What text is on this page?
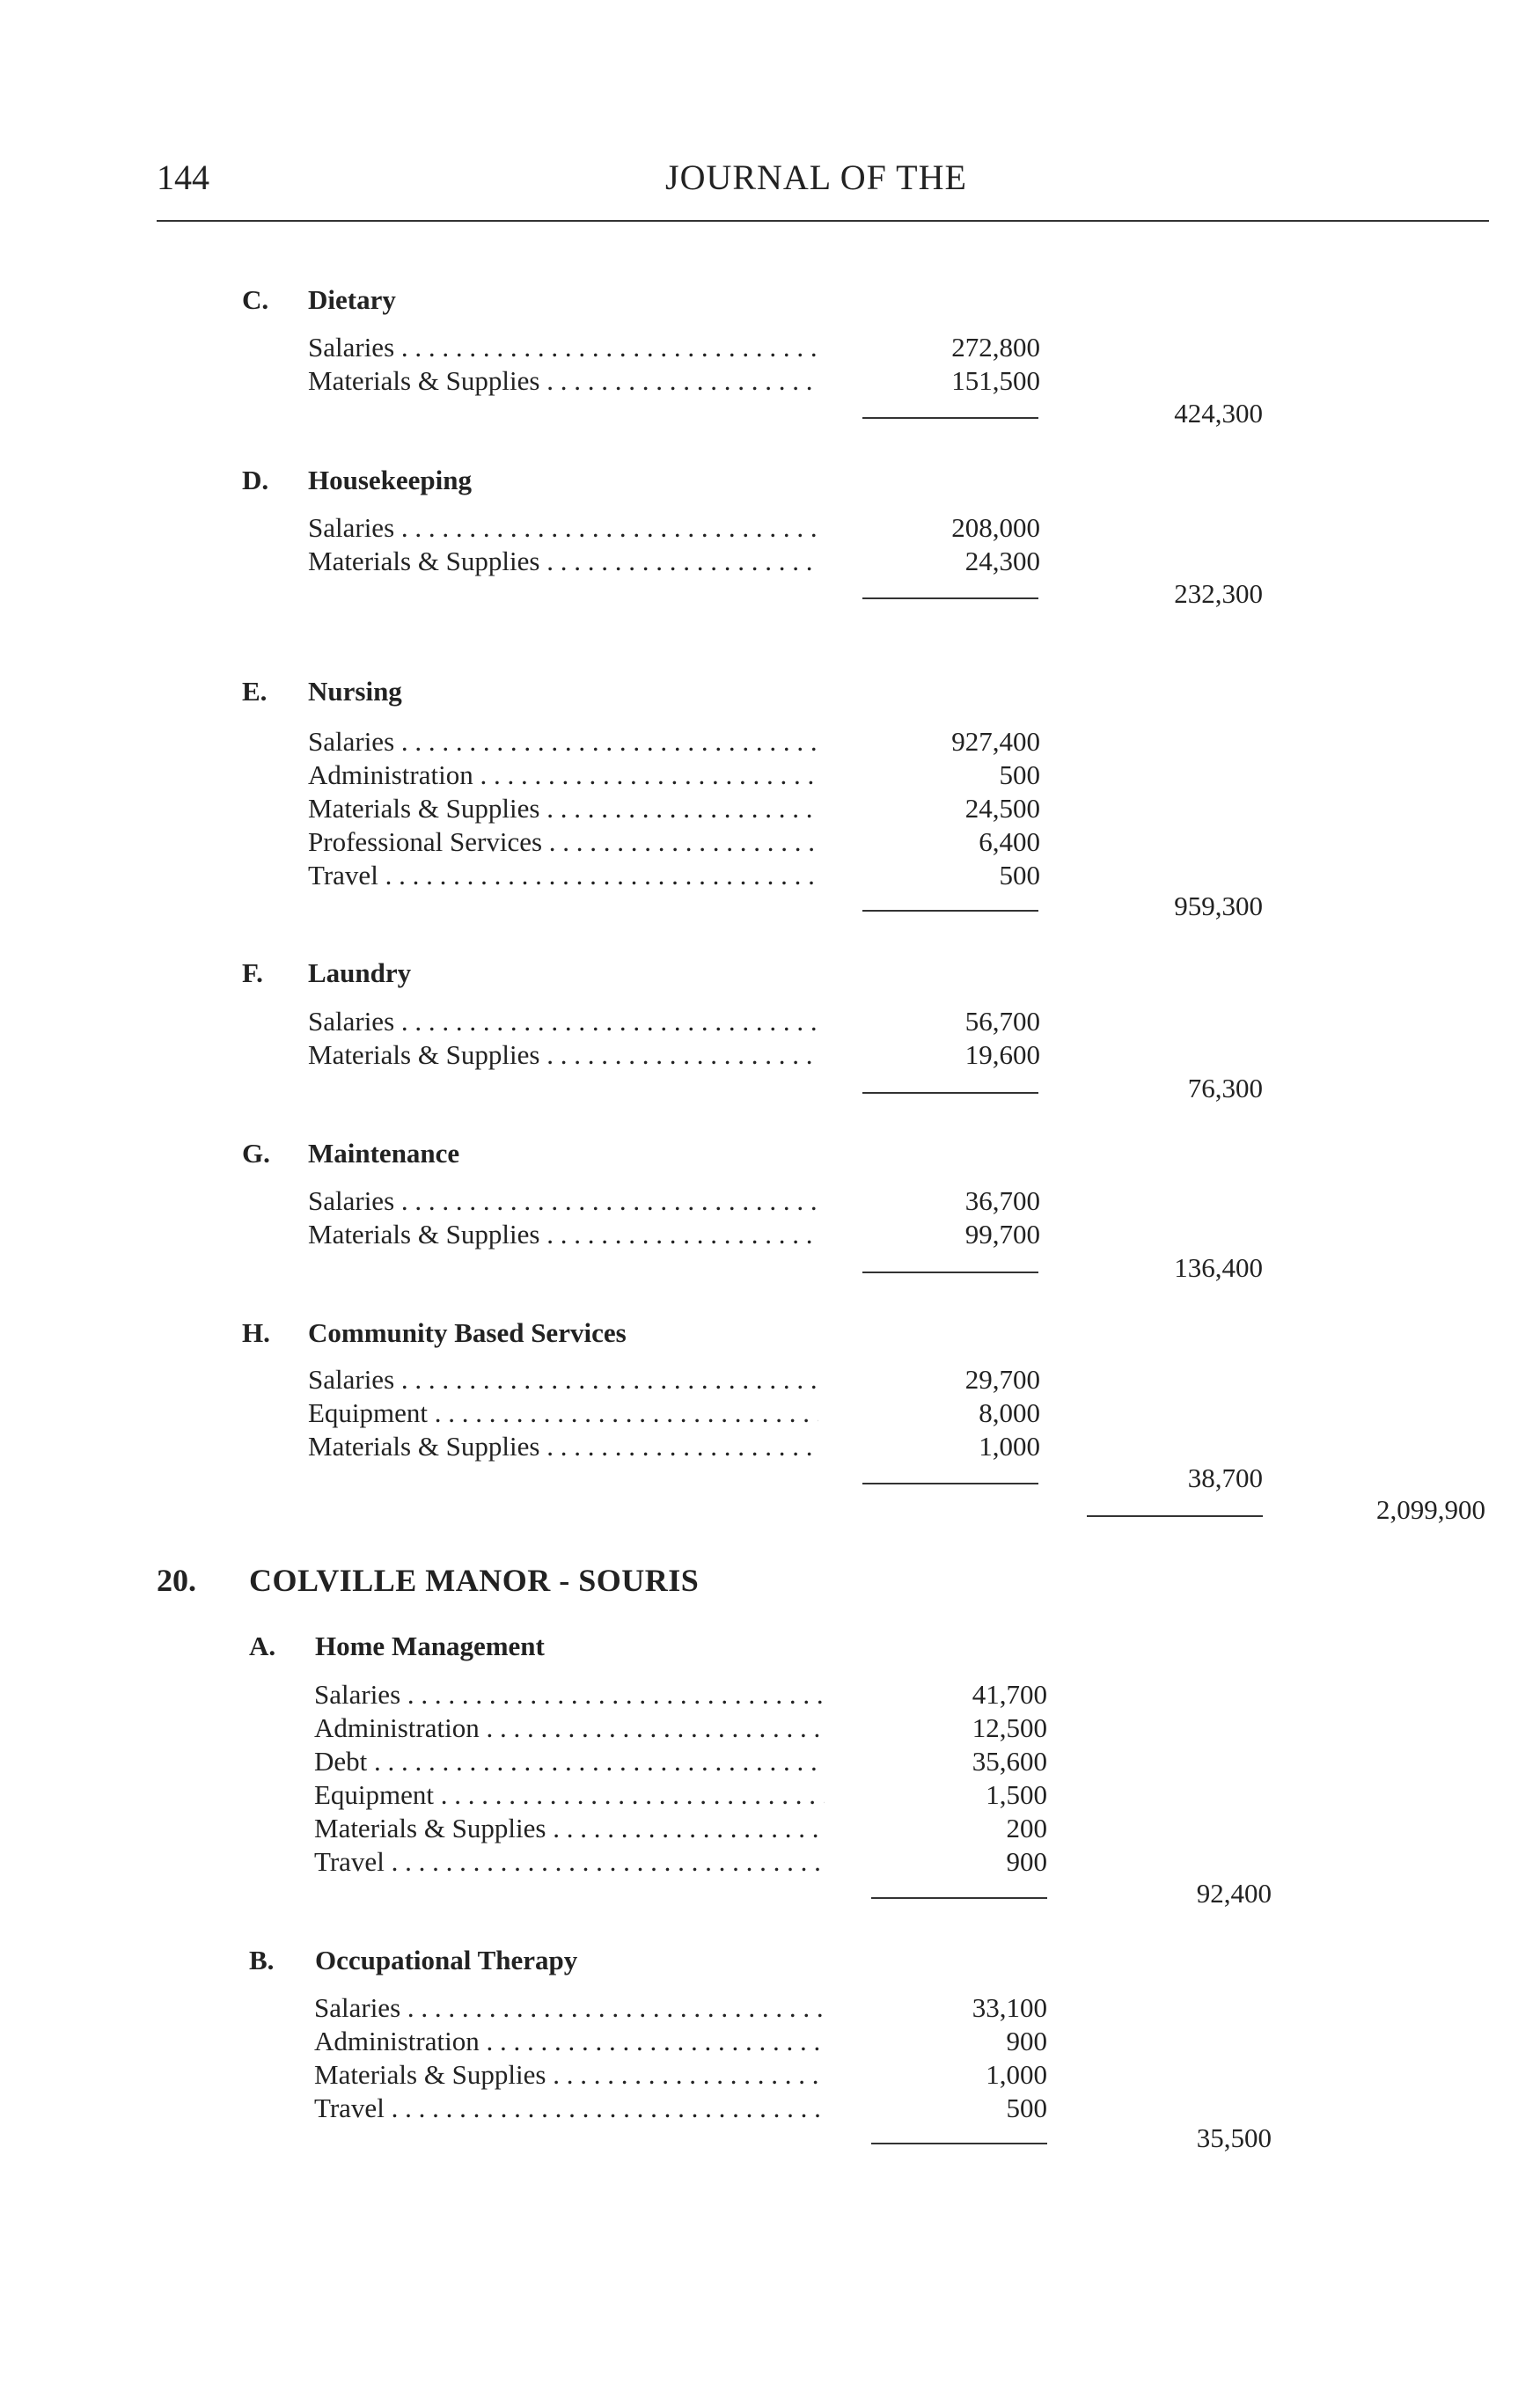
144	JOURNAL OF THE
C. Dietary
Salaries . . .	272,800
Materials & Supplies . . .	151,500
424,300
D. Housekeeping
Salaries . . .	208,000
Materials & Supplies . . .	24,300
232,300
E. Nursing
Salaries . . .	927,400
Administration . . .	500
Materials & Supplies . . .	24,500
Professional Services . . .	6,400
Travel . . .	500
959,300
F. Laundry
Salaries . . .	56,700
Materials & Supplies . . .	19,600
76,300
G. Maintenance
Salaries . . .	36,700
Materials & Supplies . . .	99,700
136,400
H. Community Based Services
Salaries . . .	29,700
Equipment . . .	8,000
Materials & Supplies . . .	1,000
38,700
2,099,900
20. COLVILLE MANOR - SOURIS
A. Home Management
Salaries . . .	41,700
Administration . . .	12,500
Debt . . .	35,600
Equipment . . .	1,500
Materials & Supplies . . .	200
Travel . . .	900
92,400
B. Occupational Therapy
Salaries . . .	33,100
Administration . . .	900
Materials & Supplies . . .	1,000
Travel . . .	500
35,500
